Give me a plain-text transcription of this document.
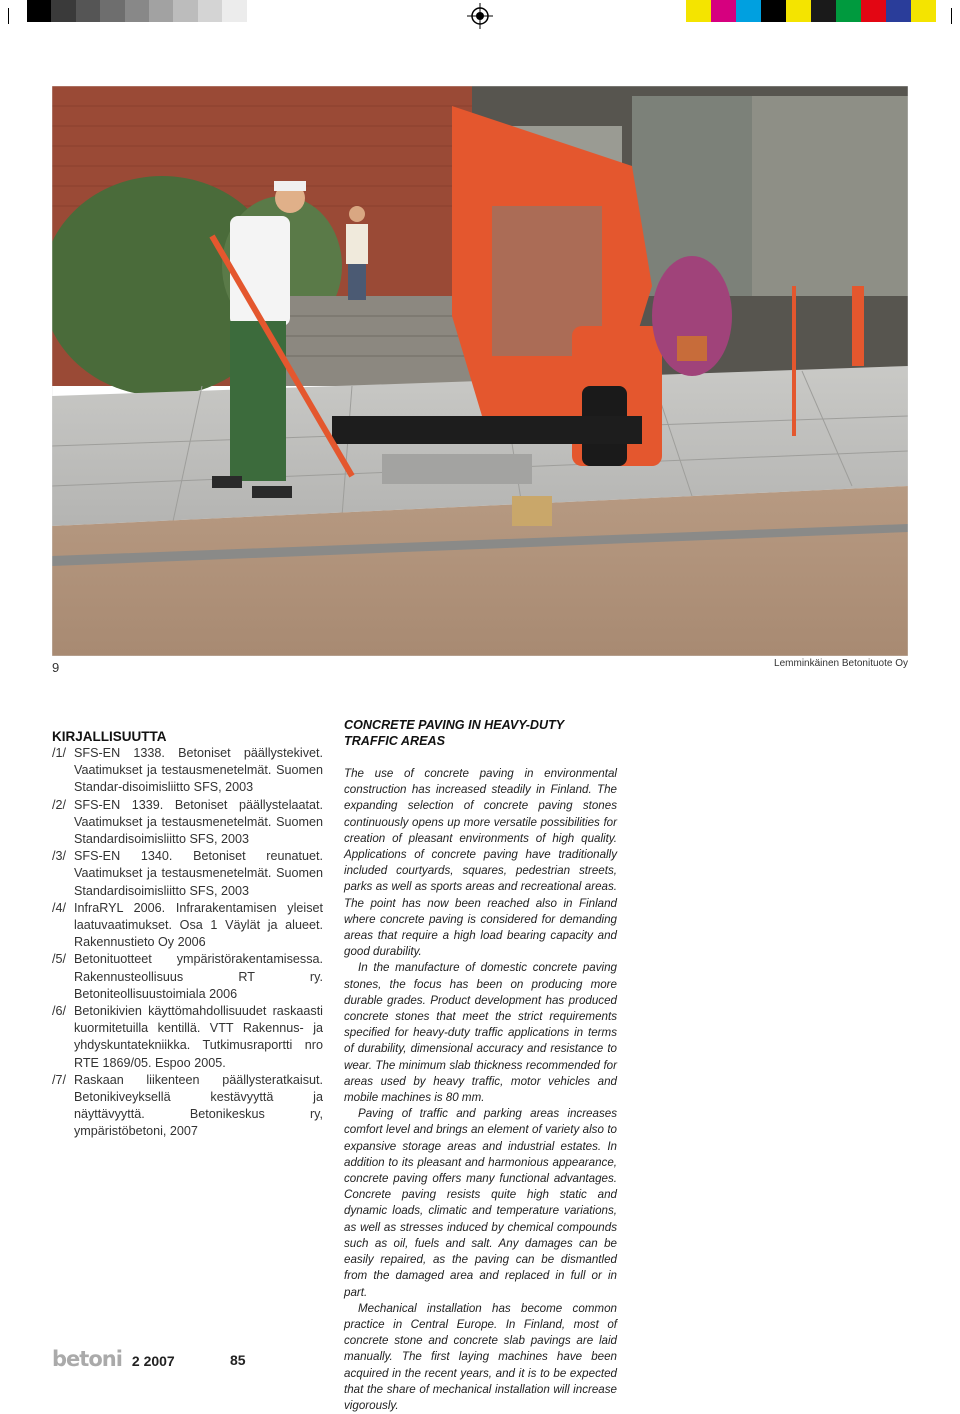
9	Lemminkäinen Betonituote Oy
KIRJALLISUUTTA
/1/ SFS-EN 1338. Betoniset päällystekivet. Vaatimukset ja testausmenetelmät. Suomen Standar-disoimisliitto SFS, 2003
/2/ SFS-EN 1339. Betoniset päällystelaatat. Vaatimukset ja testausmenetelmät. Suomen Standardisoimisliitto SFS, 2003
/3/ SFS-EN 1340. Betoniset reunatuet. Vaatimukset ja testausmenetelmät. Suomen Standardisoimisliitto SFS, 2003
/4/ InfraRYL 2006. Infrarakentamisen yleiset laatuvaatimukset. Osa 1 Väylät ja alueet. Rakennustieto Oy 2006
/5/ Betonituotteet ympäristörakentamisessa. Rakennusteollisuus RT ry. Betoniteollisuustoimiala 2006
/6/ Betonikivien käyttömahdollisuudet raskaasti kuormitetuilla kentillä. VTT Rakennus- ja yhdyskuntatekniikka. Tutkimusraportti nro RTE 1869/05. Espoo 2005.
/7/ Raskaan liikenteen päällysteratkaisut. Betonikiveyksellä kestävyyttä ja näyttävyyttä. Betonikeskus ry, ympäristöbetoni, 2007
CONCRETE PAVING IN HEAVY-DUTY TRAFFIC AREAS

The use of concrete paving in environmental construction has increased steadily in Finland. The expanding selection of concrete paving stones continuously opens up more versatile possibilities for creation of pleasant environments of high quality. Applications of concrete paving have traditionally included courtyards, squares, pedestrian streets, parks as well as sports areas and recreational areas. The point has now been reached also in Finland where concrete paving is considered for demanding areas that require a high load bearing capacity and good durability.

In the manufacture of domestic concrete paving stones, the focus has been on producing more durable grades. Product development has produced concrete stones that meet the strict requirements specified for heavy-duty traffic applications in terms of durability, dimensional accuracy and resistance to wear. The minimum slab thickness recommended for areas used by heavy traffic, motor vehicles and mobile machines is 80 mm.

Paving of traffic and parking areas increases comfort level and brings an element of variety also to expansive storage areas and industrial estates. In addition to its pleasant and harmonious appearance, concrete paving offers many functional advantages. Concrete paving resists quite high static and dynamic loads, climatic and temperature variations, as well as stresses induced by chemical compounds such as oil, fuels and salt. Any damages can be easily repaired, as the paving can be dismantled from the damaged area and replaced in full or in part.

Mechanical installation has become common practice in Central Europe. In Finland, most of concrete stone and concrete slab pavings are laid manually. The first laying machines have been acquired in the recent years, and it is to be expected that the share of mechanical installation will increase vigorously.

betoni 2 2007	85
